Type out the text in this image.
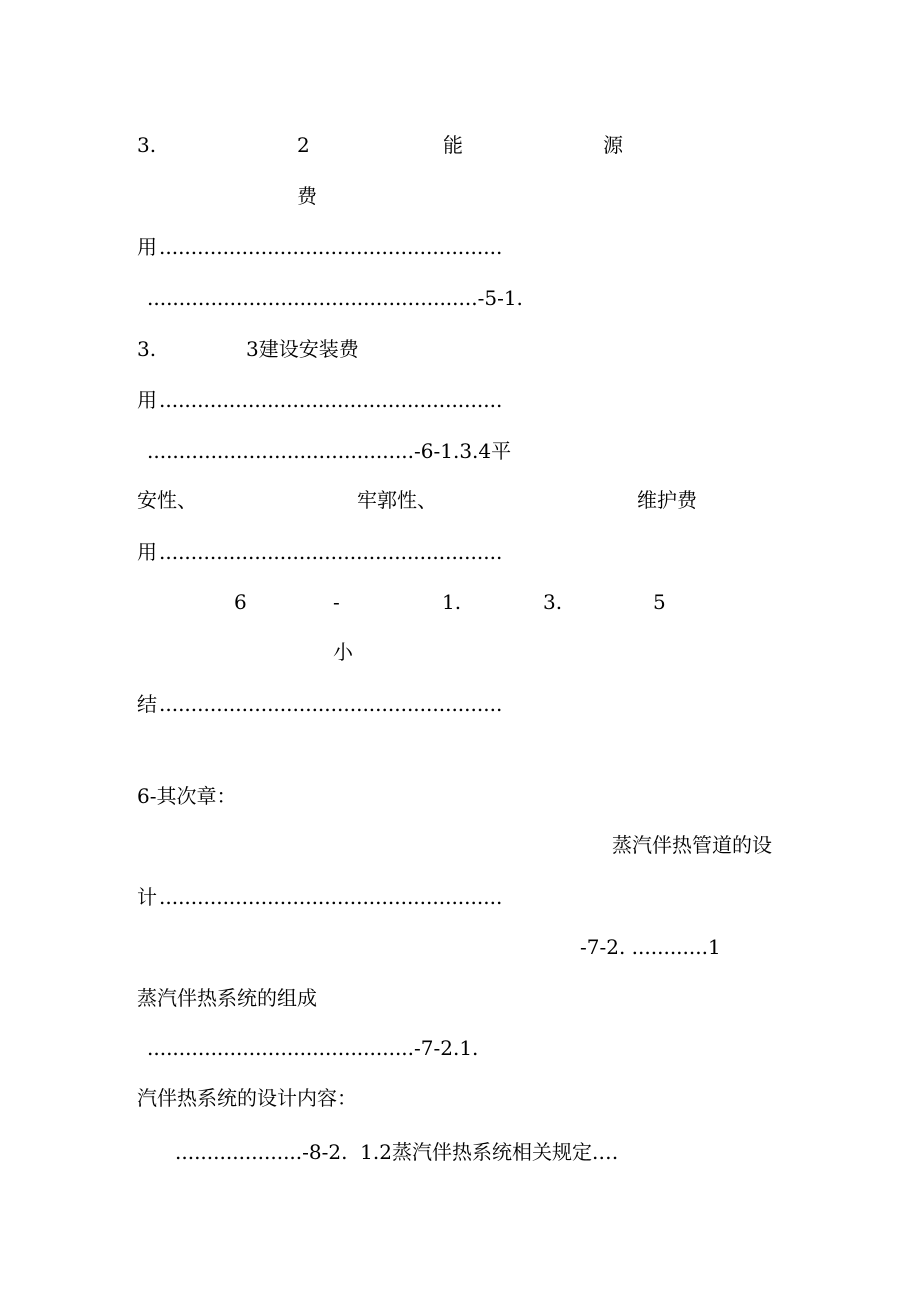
3.	2	能	源
费
用 ......................................................
....................................................-5-1.
3.	3建设安装费
用 ......................................................
..........................................-6-1.3.4平
安性、	牢郭性、	维护费
用 ......................................................
6	-	1.	3.	5
小
结 ......................................................
6-其次章：
蒸汽伴热管道的设
计 ......................................................
-7-2. ............1
蒸汽伴热系统的组成
..........................................-7-2.1.
汽伴热系统的设计内容：
....................-8-2.  1.2蒸汽伴热系统相关规定.…
